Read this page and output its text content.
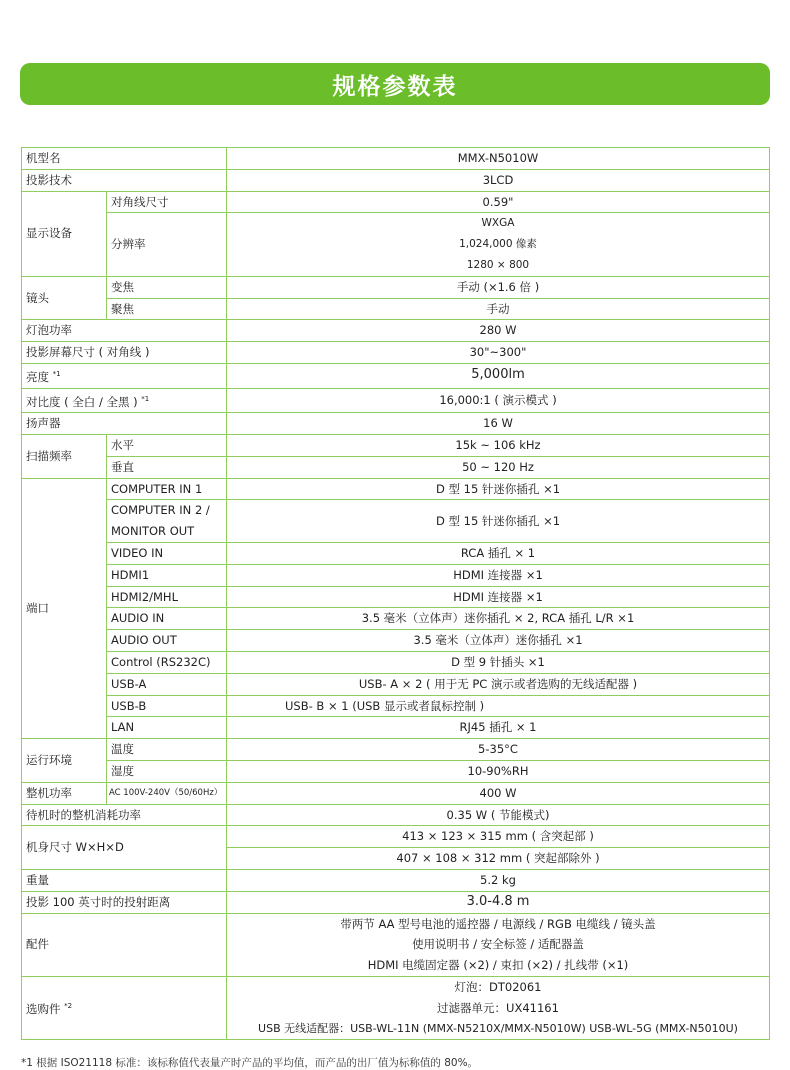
规格参数表
机型名		MMX-N5010W
投影技术		3LCD
显示设备	对角线尺寸	0.59"
	分辨率	WXGA
1,024,000 像素
1280 × 800

镜头	变焦	手动 (×1.6 倍 )
	聚焦	手动
灯泡功率		280 W
投影屏幕尺寸 ( 对角线 )		30"~300"
亮度 $^{*1}$		5,000lm
对比度 ( 全白 / 全黑 ) $^{*1}$		16,000:1 ( 演示模式 )
扬声器		16 W
扫描频率	水平	15k ~ 106 kHz
	垂直	50 ~ 120 Hz
端口	COMPUTER IN 1	D 型 15 针迷你插孔 ×1
	COMPUTER IN 2 / MONITOR OUT	D 型 15 针迷你插孔 ×1
	VIDEO IN	RCA 插孔 × 1
	HDMI1	HDMI 连接器 ×1
	HDMI2/MHL	HDMI 连接器 ×1
	AUDIO IN	3.5 毫米（立体声）迷你插孔 × 2, RCA 插孔 L/R ×1
	AUDIO OUT	3.5 毫米（立体声）迷你插孔 ×1
	Control (RS232C)	D 型 9 针插头 ×1
	USB-A	USB- A × 2 ( 用于无 PC 演示或者选购的无线适配器 )
	USB-B	USB- B × 1 (USB 显示或者鼠标控制 )
	LAN	RJ45 插孔 × 1
运行环境	温度	5-35°C
	湿度	10-90%RH
整机功率	AC 100V-240V（50/60Hz）	400 W
待机时的整机消耗功率		0.35 W ( 节能模式)
机身尺寸 W×H×D		413 × 123 × 315 mm ( 含突起部 )
		407 × 108 × 312 mm ( 突起部除外 )
重量		5.2 kg
投影 100 英寸时的投射距离		3.0-4.8 m
配件		带两节 AA 型号电池的遥控器 / 电源线 / RGB 电缆线 / 镜头盖
使用说明书 / 安全标签 / 适配器盖
HDMI 电缆固定器 (×2) / 束扣 (×2) / 扎线带 (×1)

选购件 $^{*2}$		灯泡：DT02061
过滤器单元：UX41161
USB 无线适配器：USB-WL-11N (MMX-N5210X/MMX-N5010W) USB-WL-5G (MMX-N5010U)
*1 根据 ISO21118 标准：该标称值代表量产时产品的平均值，而产品的出厂值为标称值的 80%。
